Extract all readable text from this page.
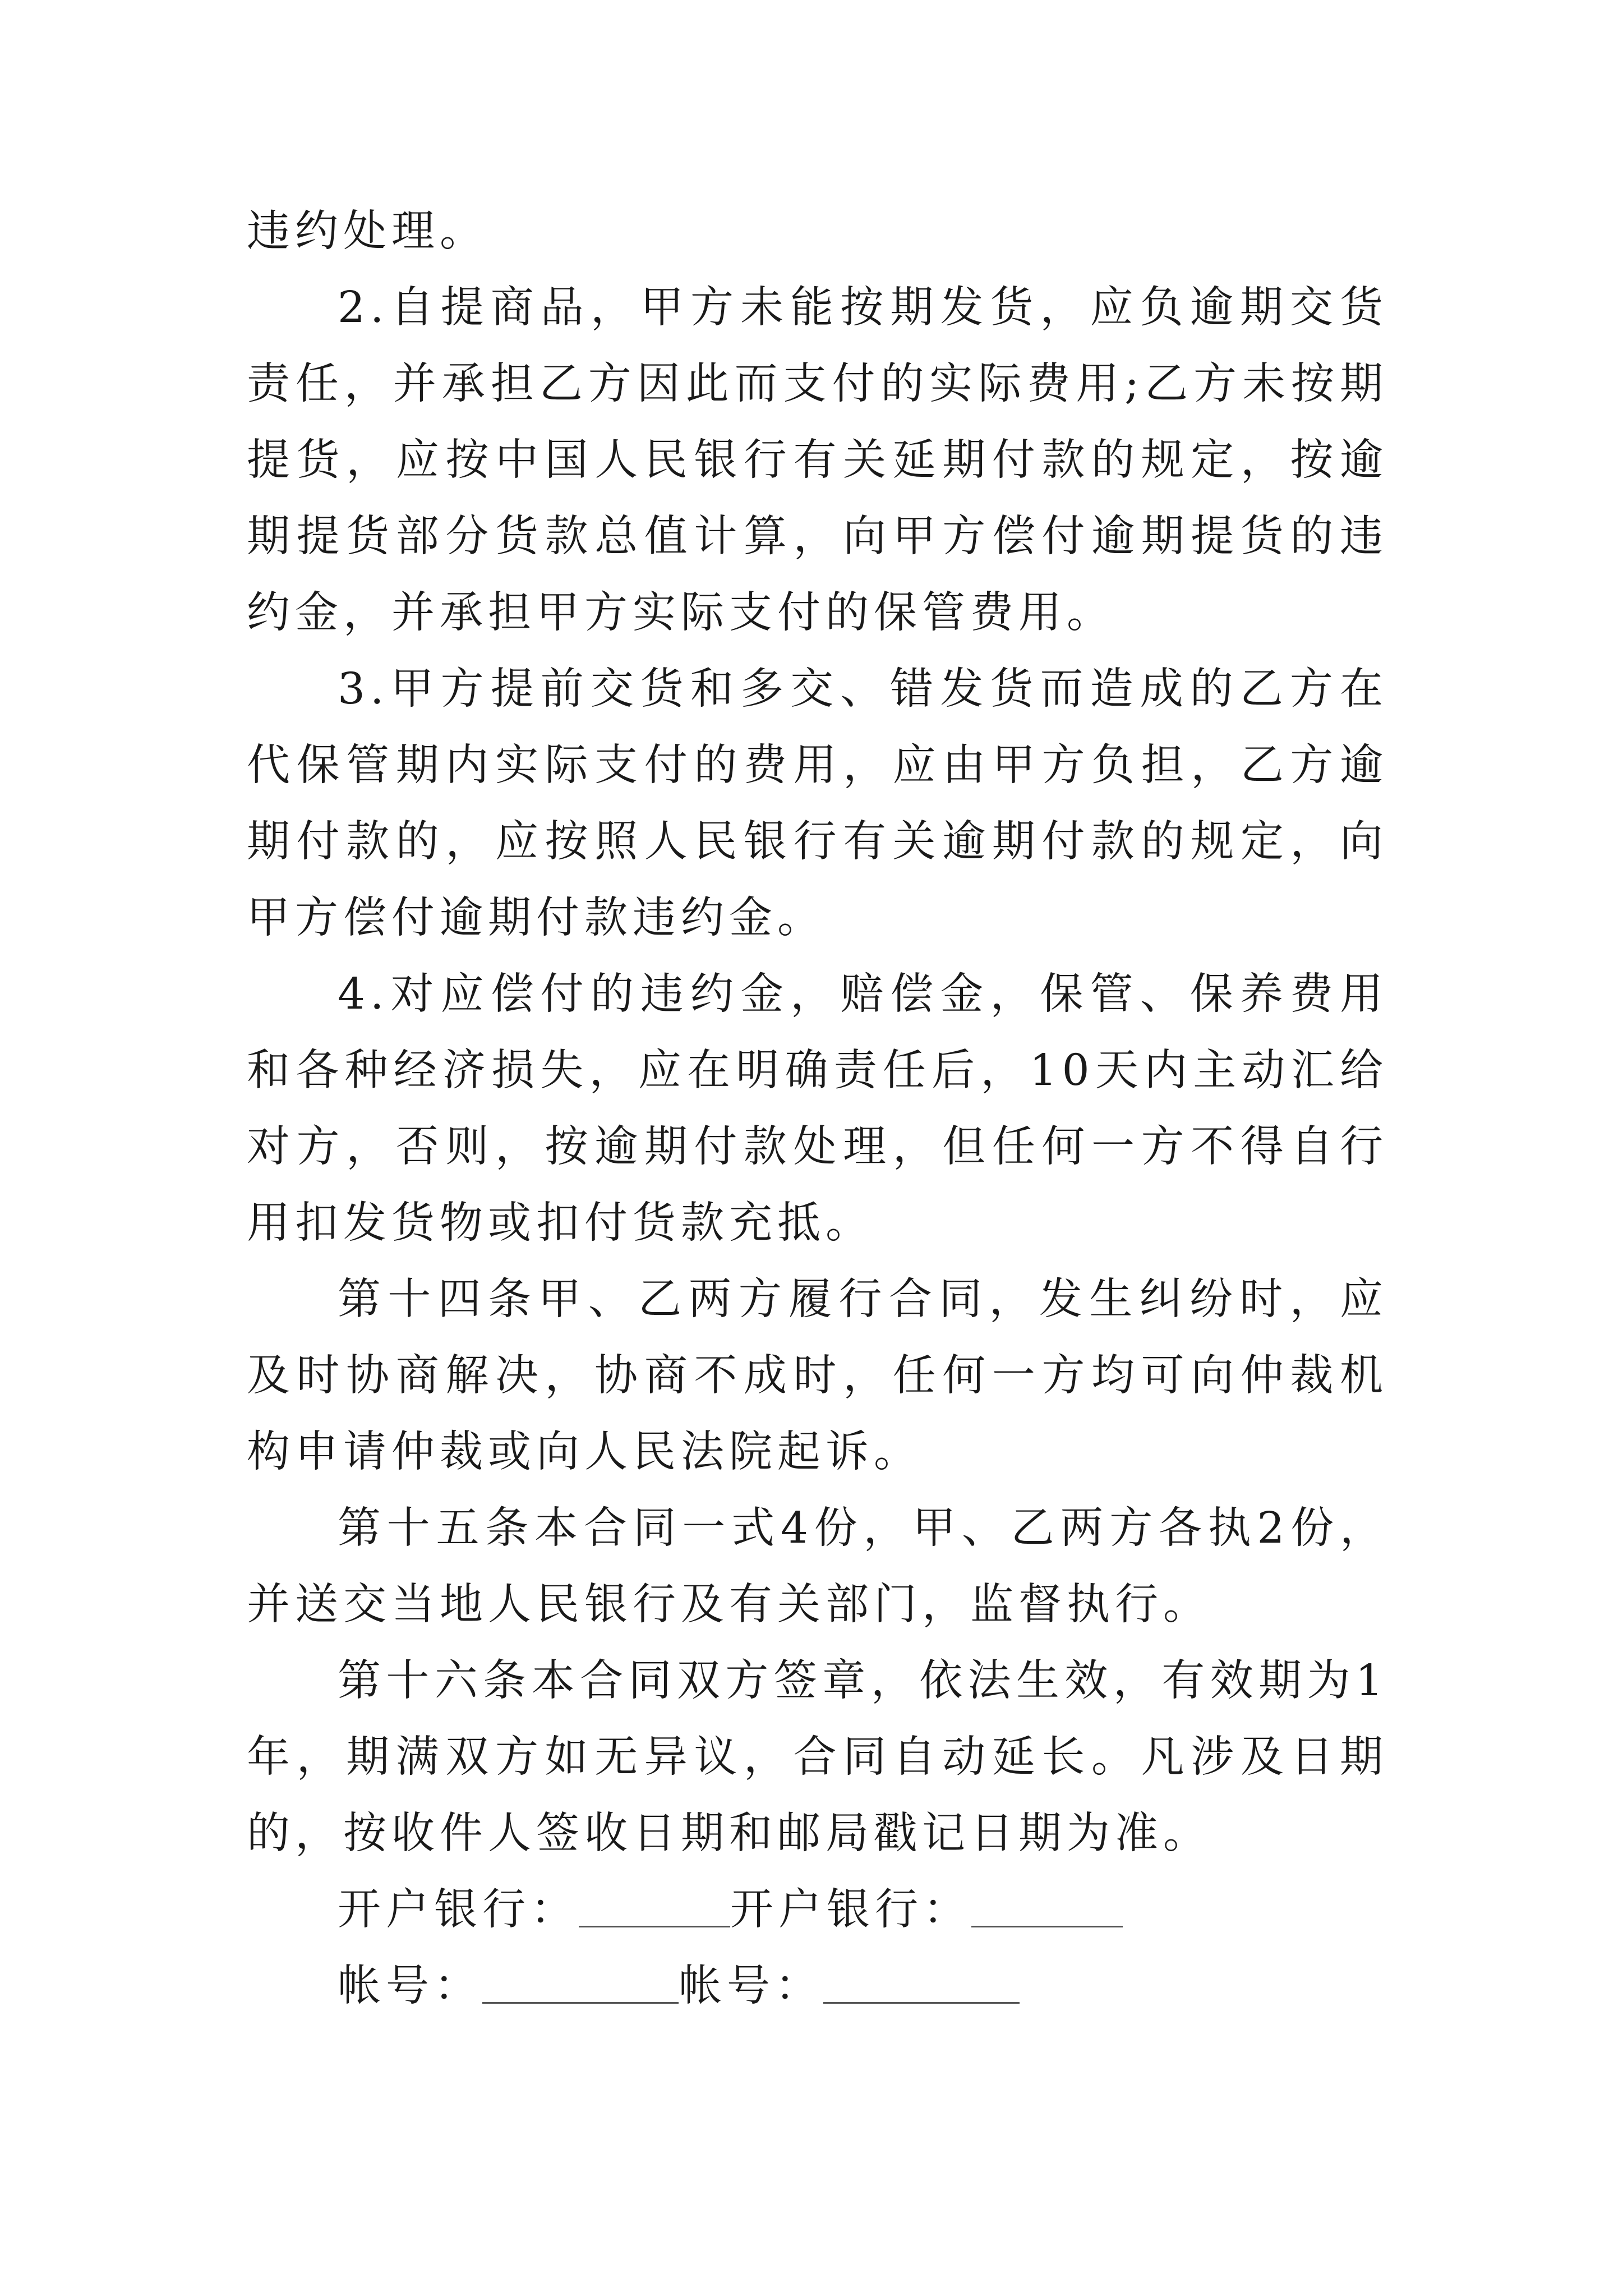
违约处理。

2.自提商品，甲方未能按期发货，应负逾期交货责任，并承担乙方因此而支付的实际费用;乙方未按期提货，应按中国人民银行有关延期付款的规定，按逾期提货部分货款总值计算，向甲方偿付逾期提货的违约金，并承担甲方实际支付的保管费用。

3.甲方提前交货和多交、错发货而造成的乙方在代保管期内实际支付的费用，应由甲方负担，乙方逾期付款的，应按照人民银行有关逾期付款的规定，向甲方偿付逾期付款违约金。

4.对应偿付的违约金，赔偿金，保管、保养费用和各种经济损失，应在明确责任后，10天内主动汇给对方，否则，按逾期付款处理，但任何一方不得自行用扣发货物或扣付货款充抵。

第十四条甲、乙两方履行合同，发生纠纷时，应及时协商解决，协商不成时，任何一方均可向仲裁机构申请仲裁或向人民法院起诉。

第十五条本合同一式4份，甲、乙两方各执2份，并送交当地人民银行及有关部门，监督执行。

第十六条本合同双方签章，依法生效，有效期为1年，期满双方如无异议，合同自动延长。凡涉及日期的，按收件人签收日期和邮局戳记日期为准。

开户银行：	开户银行：

帐号：	帐号：
